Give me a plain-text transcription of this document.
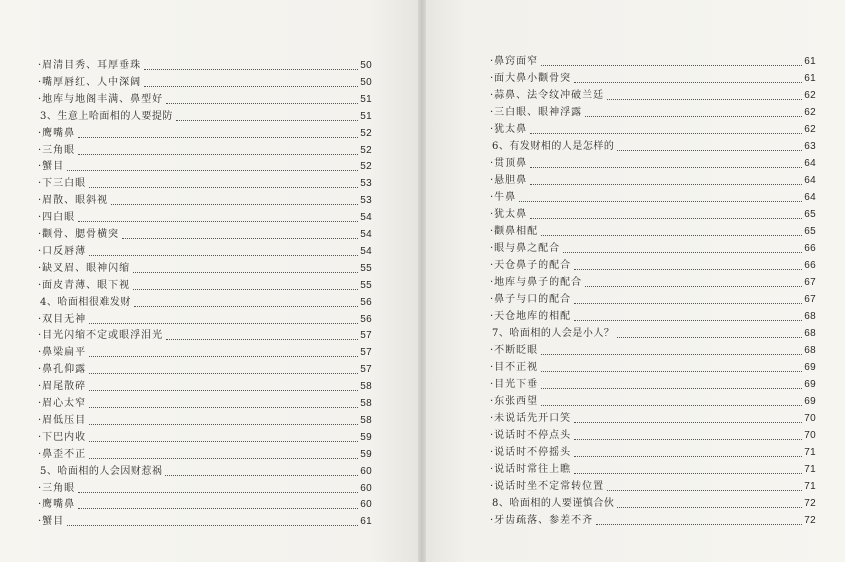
·眉清目秀、耳厚垂珠	50
·嘴厚唇红、人中深阔	50
·地库与地阁丰满、鼻型好	51
3、生意上哈面相的人要提防	51
·鹰嘴鼻	52
·三角眼	52
·蟹目	52
·下三白眼	53
·眉散、眼斜视	53
·四白眼	54
·颧骨、腮骨横突	54
·口反唇薄	54
·缺叉眉、眼神闪缩	55
·面皮青薄、眼下视	55
4、哈面相很难发财	56
·双目无神	56
·目光闪缩不定或眼浮泪光	57
·鼻梁扁平	57
·鼻孔仰露	57
·眉尾散碎	58
·眉心太窄	58
·眉低压目	58
·下巴内收	59
·鼻歪不正	59
5、哈面相的人会因财惹祸	60
·三角眼	60
·鹰嘴鼻	60
·蟹目	61
·鼻窍面窄	61
·面大鼻小颧骨突	61
·蒜鼻、法令纹冲破兰廷	62
·三白眼、眼神浮露	62
·犹太鼻	62
6、有发财相的人是怎样的	63
·贯顶鼻	64
·悬胆鼻	64
·牛鼻	64
·犹太鼻	65
·颧鼻相配	65
·眼与鼻之配合	66
·天仓鼻子的配合	66
·地库与鼻子的配合	67
·鼻子与口的配合	67
·天仓地库的相配	68
7、哈面相的人会是小人？	68
·不断眨眼	68
·目不正视	69
·目光下垂	69
·东张西望	69
·未说话先开口笑	70
·说话时不停点头	70
·说话时不停摇头	71
·说话时常往上瞧	71
·说话时坐不定常转位置	71
8、哈面相的人要谨慎合伙	72
·牙齿疏落、参差不齐	72
